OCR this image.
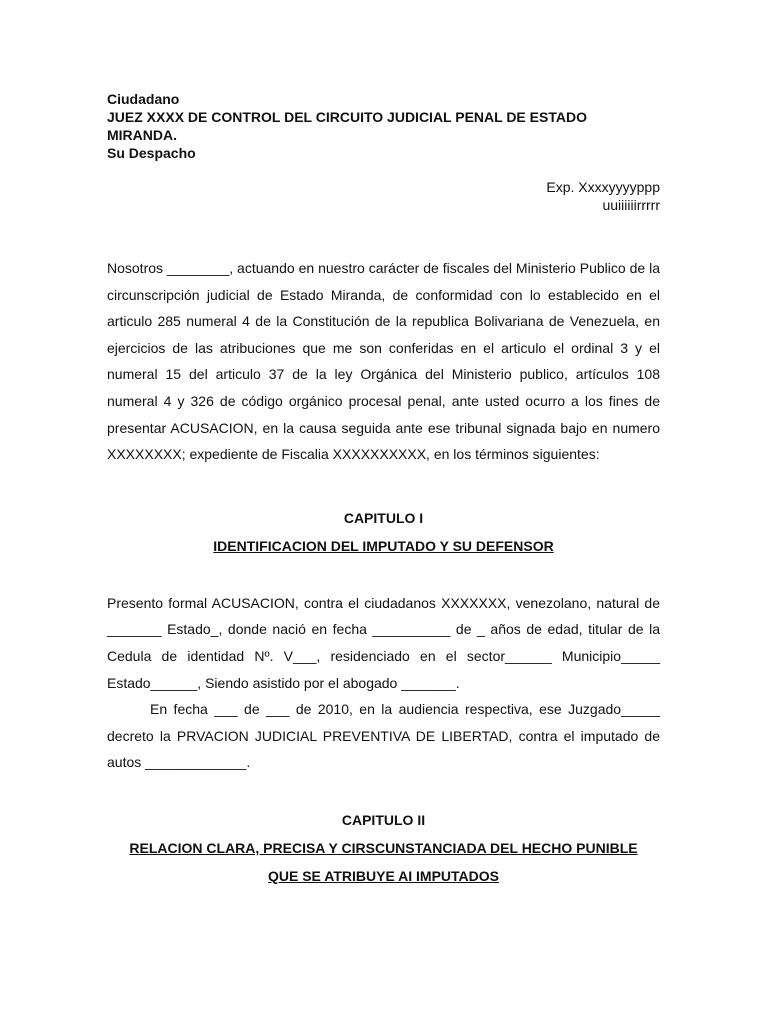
Ciudadano
JUEZ XXXX DE CONTROL DEL CIRCUITO JUDICIAL PENAL DE ESTADO MIRANDA.
Su Despacho
Exp. Xxxxyyyyppp
uuiiiiiirrrrr

Nosotros ________, actuando en nuestro carácter de fiscales del Ministerio Publico de la circunscripción judicial de Estado Miranda, de conformidad con lo establecido en el articulo 285 numeral 4 de la Constitución de la republica Bolivariana de Venezuela, en ejercicios de las atribuciones que me son conferidas en el articulo el ordinal 3 y el numeral 15 del articulo 37 de la ley Orgánica del Ministerio publico, artículos 108 numeral 4 y 326 de código orgánico procesal penal, ante usted ocurro a los fines de presentar ACUSACION, en la causa seguida ante ese tribunal signada bajo en numero XXXXXXXX; expediente de Fiscalia XXXXXXXXXX, en los términos siguientes:

CAPITULO I

IDENTIFICACION DEL IMPUTADO Y SU DEFENSOR

Presento formal ACUSACION, contra el ciudadanos XXXXXXX, venezolano, natural de _______ Estado_, donde nació en fecha __________ de _ años de edad, titular de la Cedula de identidad Nº. V___, residenciado en el sector______ Municipio_____ Estado______, Siendo asistido por el abogado _______.

En fecha ___ de ___ de 2010, en la audiencia respectiva, ese Juzgado_____ decreto la PRVACION JUDICIAL PREVENTIVA DE LIBERTAD, contra el imputado de autos _____________.

CAPITULO II

RELACION CLARA, PRECISA Y CIRSCUNSTANCIADA DEL HECHO PUNIBLE

QUE SE ATRIBUYE AI IMPUTADOS
